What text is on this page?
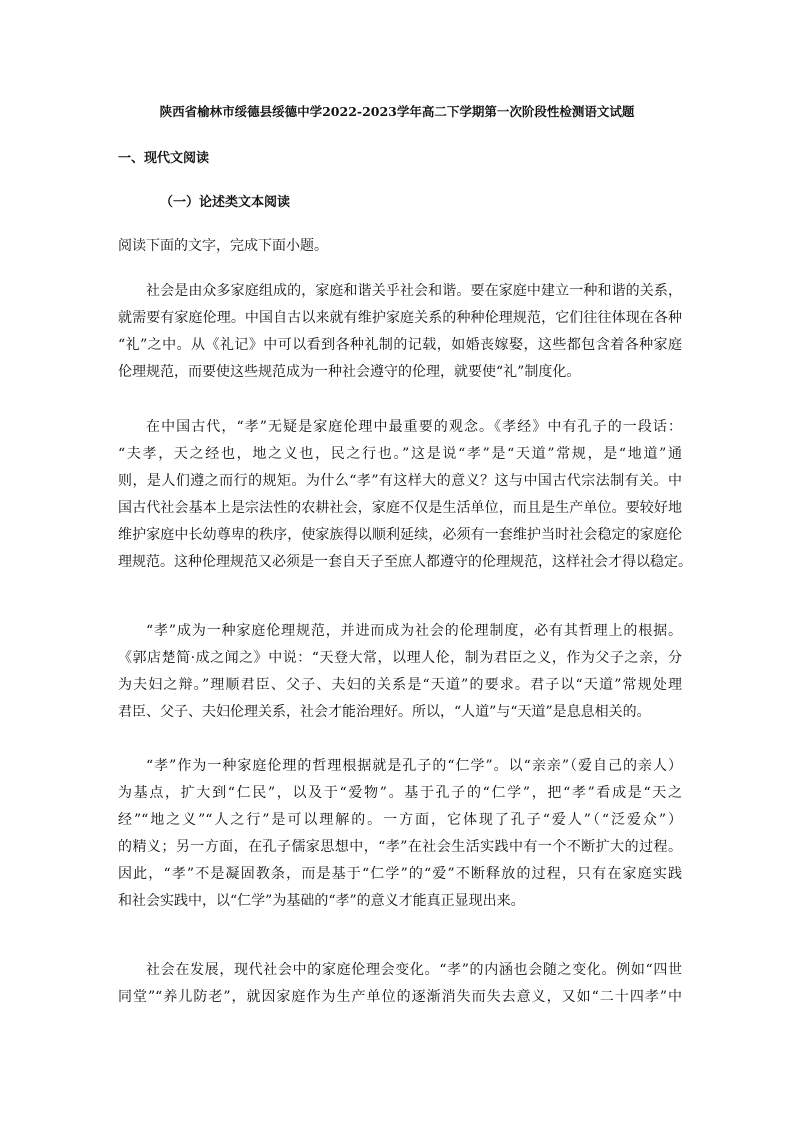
陕西省榆林市绥德县绥德中学2022-2023学年高二下学期第一次阶段性检测语文试题
一、现代文阅读
（一）论述类文本阅读
阅读下面的文字，完成下面小题。
社会是由众多家庭组成的，家庭和谐关乎社会和谐。要在家庭中建立一种和谐的关系，
就需要有家庭伦理。中国自古以来就有维护家庭关系的种种伦理规范，它们往往体现在各种
“礼”之中。从《礼记》中可以看到各种礼制的记载，如婚丧嫁娶，这些都包含着各种家庭
伦理规范，而要使这些规范成为一种社会遵守的伦理，就要使“礼”制度化。
在中国古代，“孝”无疑是家庭伦理中最重要的观念。《孝经》中有孔子的一段话：
“夫孝，天之经也，地之义也，民之行也。”这是说“孝”是“天道”常规，是“地道”通
则，是人们遵之而行的规矩。为什么“孝”有这样大的意义？这与中国古代宗法制有关。中
国古代社会基本上是宗法性的农耕社会，家庭不仅是生活单位，而且是生产单位。要较好地
维护家庭中长幼尊卑的秩序，使家族得以顺利延续，必须有一套维护当时社会稳定的家庭伦
理规范。这种伦理规范又必须是一套自天子至庶人都遵守的伦理规范，这样社会才得以稳定。
“孝”成为一种家庭伦理规范，并进而成为社会的伦理制度，必有其哲理上的根据。
《郭店楚简·成之闻之》中说：“天登大常，以理人伦，制为君臣之义，作为父子之亲，分
为夫妇之辩。”理顺君臣、父子、夫妇的关系是“天道”的要求。君子以“天道”常规处理
君臣、父子、夫妇伦理关系，社会才能治理好。所以，“人道”与“天道”是息息相关的。
“孝”作为一种家庭伦理的哲理根据就是孔子的“仁学”。以“亲亲”（爱自己的亲人）
为基点，扩大到“仁民”，以及于“爱物”。基于孔子的“仁学”，把“孝”看成是“天之
经”“地之义”“人之行”是可以理解的。一方面，它体现了孔子“爱人”（“泛爱众”）
的精义；另一方面，在孔子儒家思想中，“孝”在社会生活实践中有一个不断扩大的过程。
因此，“孝”不是凝固教条，而是基于“仁学”的“爱”不断释放的过程，只有在家庭实践
和社会实践中，以“仁学”为基础的“孝”的意义才能真正显现出来。
社会在发展，现代社会中的家庭伦理会变化。“孝”的内涵也会随之变化。例如“四世
同堂”“养儿防老”，就因家庭作为生产单位的逐渐消失而失去意义，又如“二十四孝”中
